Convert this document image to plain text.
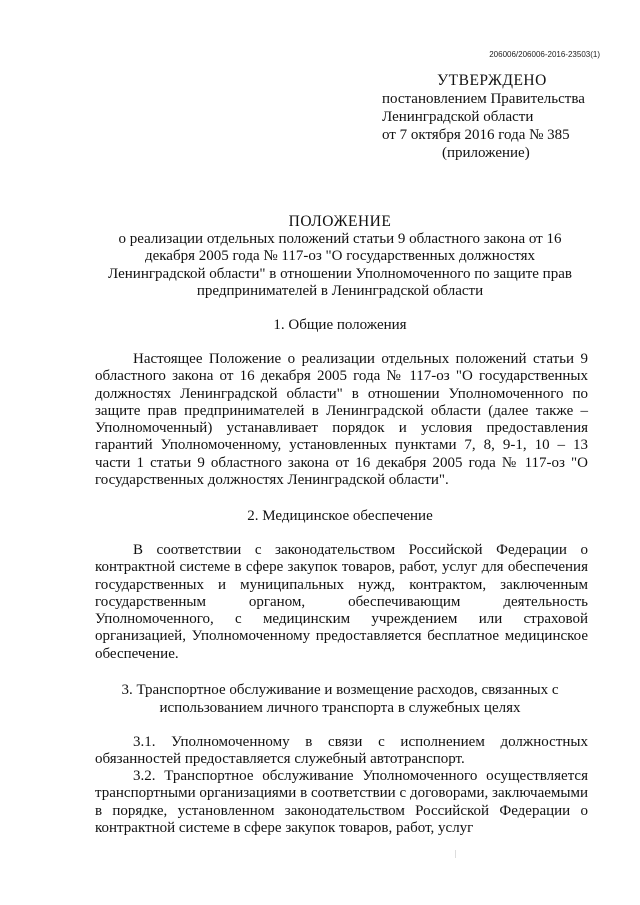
206006/206006-2016-23503(1)
УТВЕРЖДЕНО
постановлением Правительства
Ленинградской области
от 7 октября 2016 года № 385
(приложение)
ПОЛОЖЕНИЕ
о реализации отдельных положений статьи 9 областного закона от 16 декабря 2005 года № 117-оз "О государственных должностях Ленинградской области" в отношении Уполномоченного по защите прав предпринимателей в Ленинградской области
1. Общие положения
Настоящее Положение о реализации отдельных положений статьи 9 областного закона от 16 декабря 2005 года № 117-оз "О государственных должностях Ленинградской области" в отношении Уполномоченного по защите прав предпринимателей в Ленинградской области (далее также – Уполномоченный) устанавливает порядок и условия предоставления гарантий Уполномоченному, установленных пунктами 7, 8, 9-1, 10 – 13 части 1 статьи 9 областного закона от 16 декабря 2005 года № 117-оз "О государственных должностях Ленинградской области".
2. Медицинское обеспечение
В соответствии с законодательством Российской Федерации о контрактной системе в сфере закупок товаров, работ, услуг для обеспечения государственных и муниципальных нужд, контрактом, заключенным государственным органом, обеспечивающим деятельность Уполномоченного, с медицинским учреждением или страховой организацией, Уполномоченному предоставляется бесплатное медицинское обеспечение.
3. Транспортное обслуживание и возмещение расходов, связанных с использованием личного транспорта в служебных целях
3.1. Уполномоченному в связи с исполнением должностных обязанностей предоставляется служебный автотранспорт.
3.2. Транспортное обслуживание Уполномоченного осуществляется транспортными организациями в соответствии с договорами, заключаемыми в порядке, установленном законодательством Российской Федерации о контрактной системе в сфере закупок товаров, работ, услуг
